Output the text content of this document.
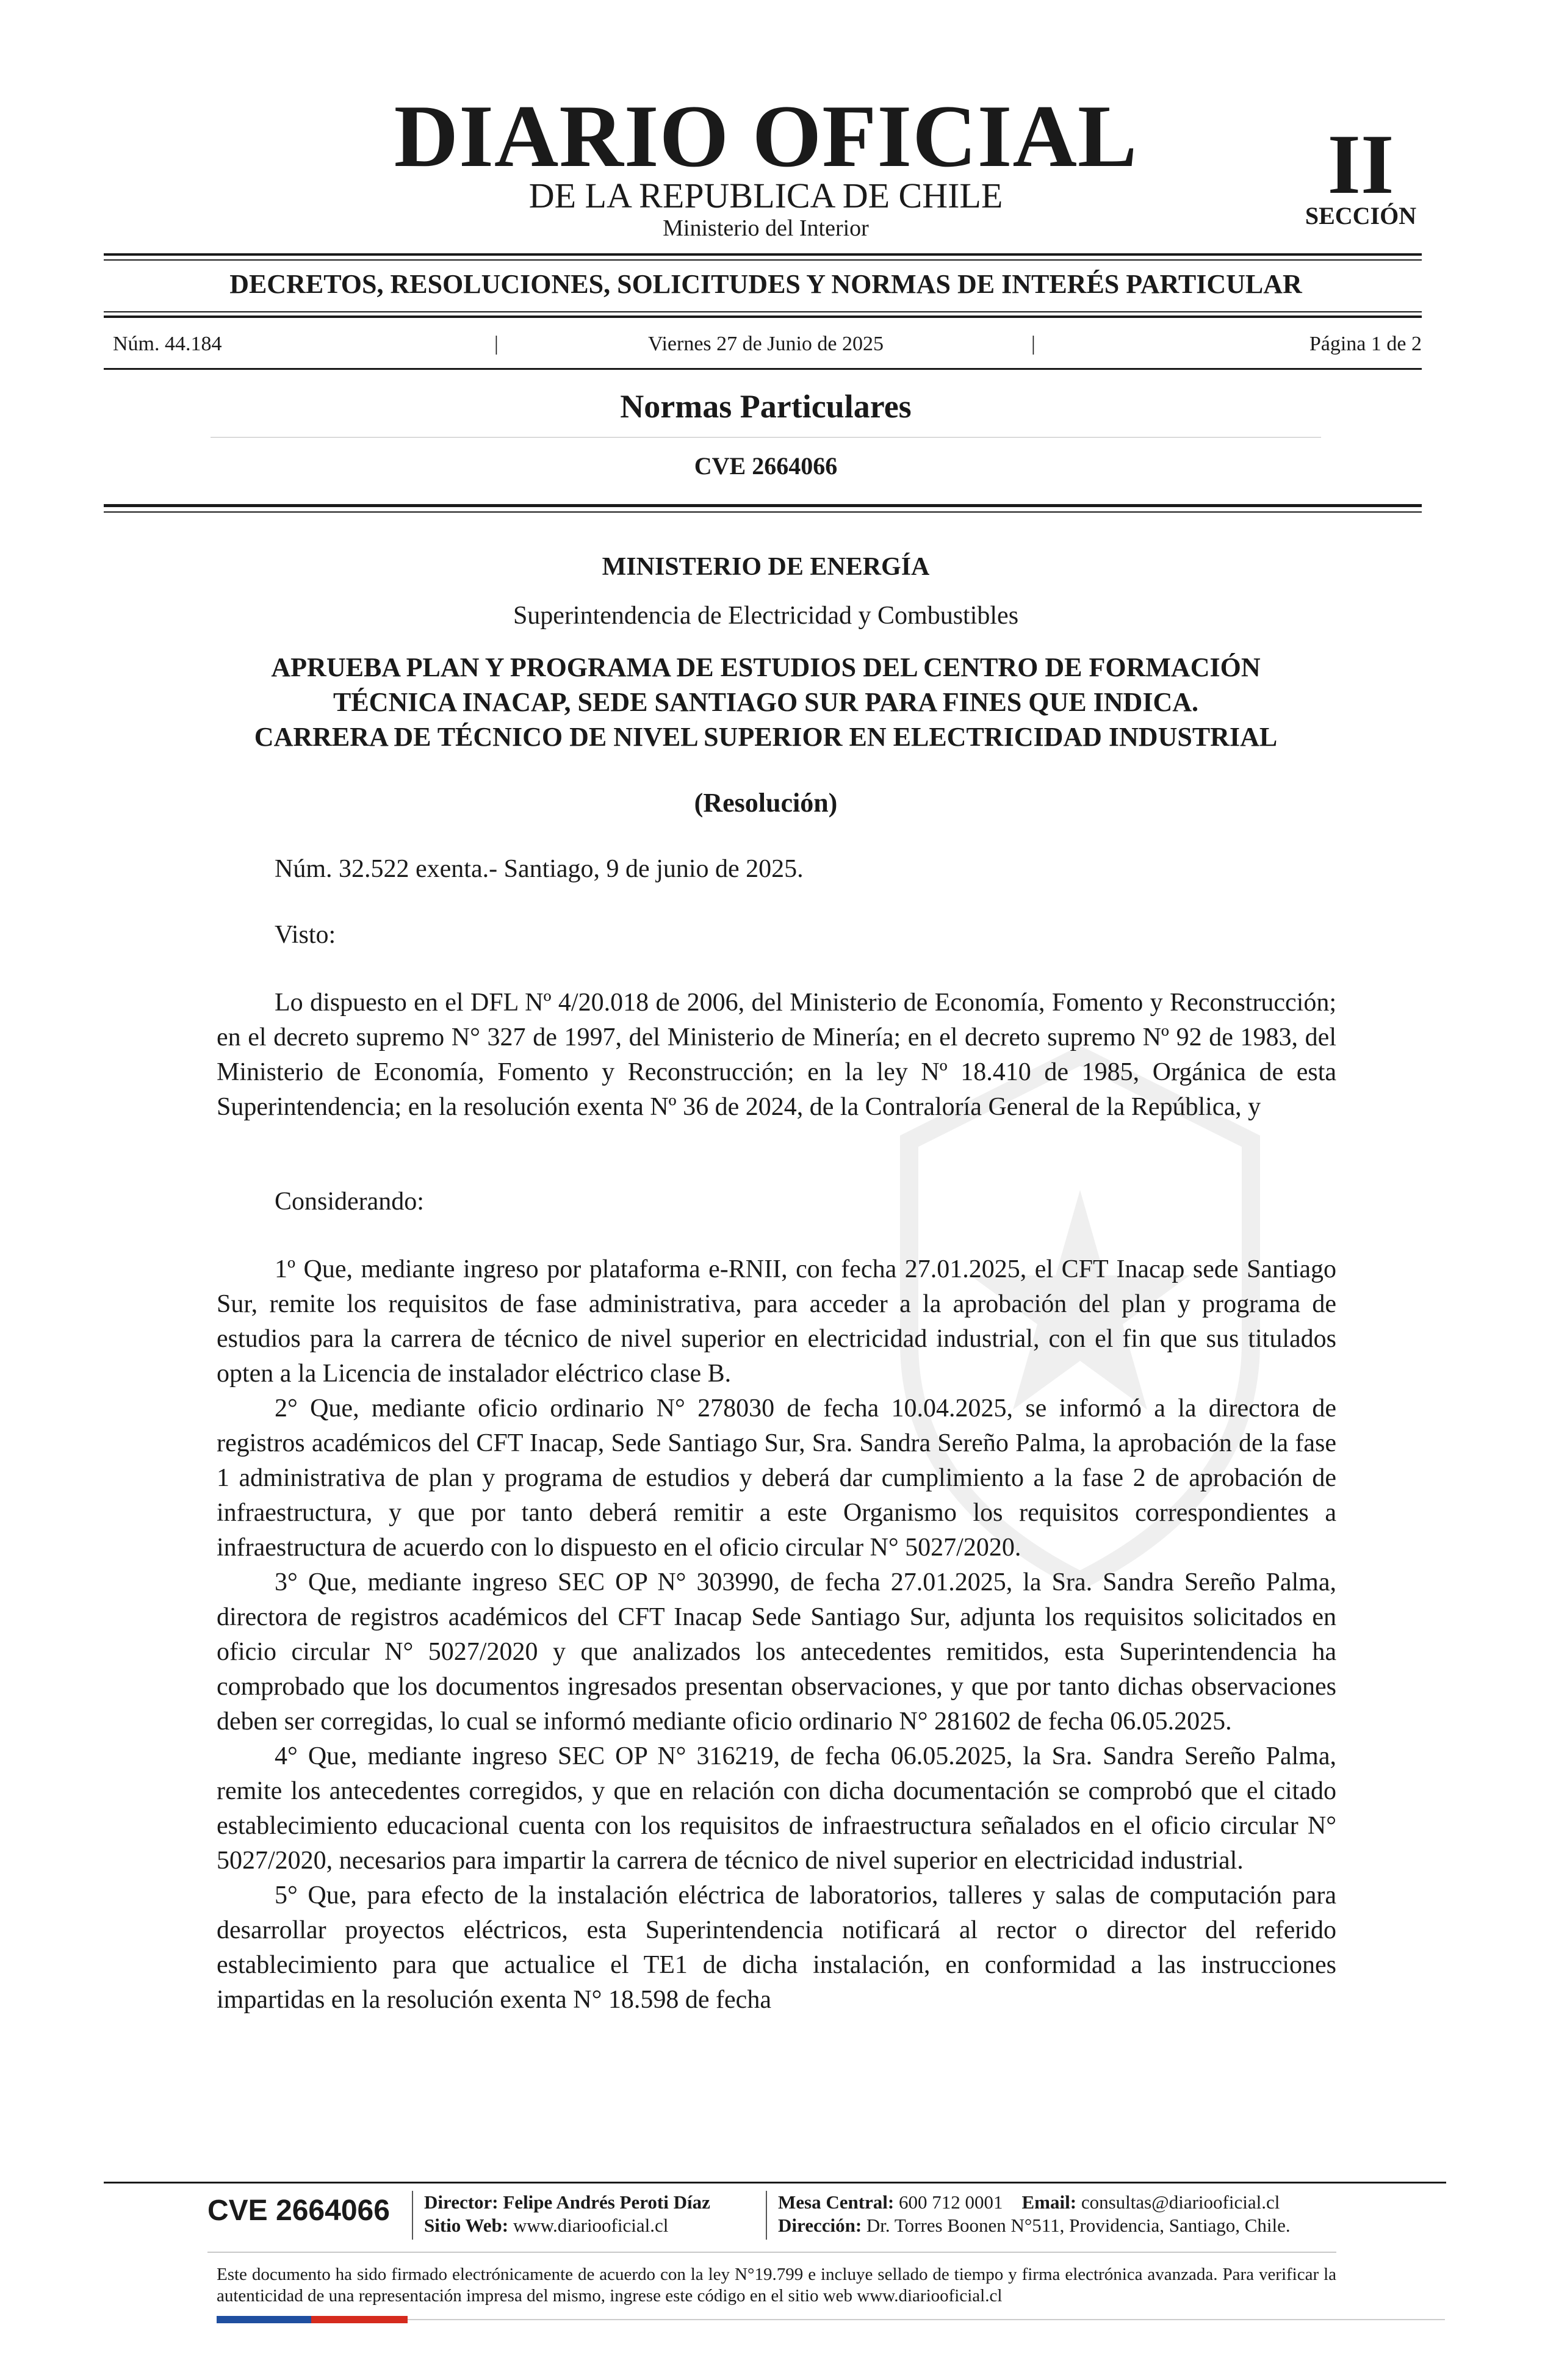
DIARIO OFICIAL
DE LA REPUBLICA DE CHILE
Ministerio del Interior
II
SECCIÓN
DECRETOS, RESOLUCIONES, SOLICITUDES Y NORMAS DE INTERÉS PARTICULAR
Núm. 44.184	|	Viernes 27 de Junio de 2025	|	Página 1 de 2
Normas Particulares
CVE 2664066
MINISTERIO DE ENERGÍA
Superintendencia de Electricidad y Combustibles
APRUEBA PLAN Y PROGRAMA DE ESTUDIOS DEL CENTRO DE FORMACIÓN
TÉCNICA INACAP, SEDE SANTIAGO SUR PARA FINES QUE INDICA.
CARRERA DE TÉCNICO DE NIVEL SUPERIOR EN ELECTRICIDAD INDUSTRIAL
(Resolución)
Núm. 32.522 exenta.- Santiago, 9 de junio de 2025.
Visto:
Lo dispuesto en el DFL Nº 4/20.018 de 2006, del Ministerio de Economía, Fomento y Reconstrucción; en el decreto supremo N° 327 de 1997, del Ministerio de Minería; en el decreto supremo Nº 92 de 1983, del Ministerio de Economía, Fomento y Reconstrucción; en la ley Nº 18.410 de 1985, Orgánica de esta Superintendencia; en la resolución exenta Nº 36 de 2024, de la Contraloría General de la República, y
Considerando:
1º Que, mediante ingreso por plataforma e-RNII, con fecha 27.01.2025, el CFT Inacap sede Santiago Sur, remite los requisitos de fase administrativa, para acceder a la aprobación del plan y programa de estudios para la carrera de técnico de nivel superior en electricidad industrial, con el fin que sus titulados opten a la Licencia de instalador eléctrico clase B.
2° Que, mediante oficio ordinario N° 278030 de fecha 10.04.2025, se informó a la directora de registros académicos del CFT Inacap, Sede Santiago Sur, Sra. Sandra Sereño Palma, la aprobación de la fase 1 administrativa de plan y programa de estudios y deberá dar cumplimiento a la fase 2 de aprobación de infraestructura, y que por tanto deberá remitir a este Organismo los requisitos correspondientes a infraestructura de acuerdo con lo dispuesto en el oficio circular N° 5027/2020.
3° Que, mediante ingreso SEC OP N° 303990, de fecha 27.01.2025, la Sra. Sandra Sereño Palma, directora de registros académicos del CFT Inacap Sede Santiago Sur, adjunta los requisitos solicitados en oficio circular N° 5027/2020 y que analizados los antecedentes remitidos, esta Superintendencia ha comprobado que los documentos ingresados presentan observaciones, y que por tanto dichas observaciones deben ser corregidas, lo cual se informó mediante oficio ordinario N° 281602 de fecha 06.05.2025.
4° Que, mediante ingreso SEC OP N° 316219, de fecha 06.05.2025, la Sra. Sandra Sereño Palma, remite los antecedentes corregidos, y que en relación con dicha documentación se comprobó que el citado establecimiento educacional cuenta con los requisitos de infraestructura señalados en el oficio circular N° 5027/2020, necesarios para impartir la carrera de técnico de nivel superior en electricidad industrial.
5° Que, para efecto de la instalación eléctrica de laboratorios, talleres y salas de computación para desarrollar proyectos eléctricos, esta Superintendencia notificará al rector o director del referido establecimiento para que actualice el TE1 de dicha instalación, en conformidad a las instrucciones impartidas en la resolución exenta N° 18.598 de fecha
CVE 2664066 Director: Felipe Andrés Peroti Díaz
Sitio Web: www.diariooficial.cl
Mesa Central: 600 712 0001 Email: consultas@diariooficial.cl
Dirección: Dr. Torres Boonen N°511, Providencia, Santiago, Chile.
Este documento ha sido firmado electrónicamente de acuerdo con la ley N°19.799 e incluye sellado de tiempo y firma electrónica avanzada. Para verificar la autenticidad de una representación impresa del mismo, ingrese este código en el sitio web www.diariooficial.cl
